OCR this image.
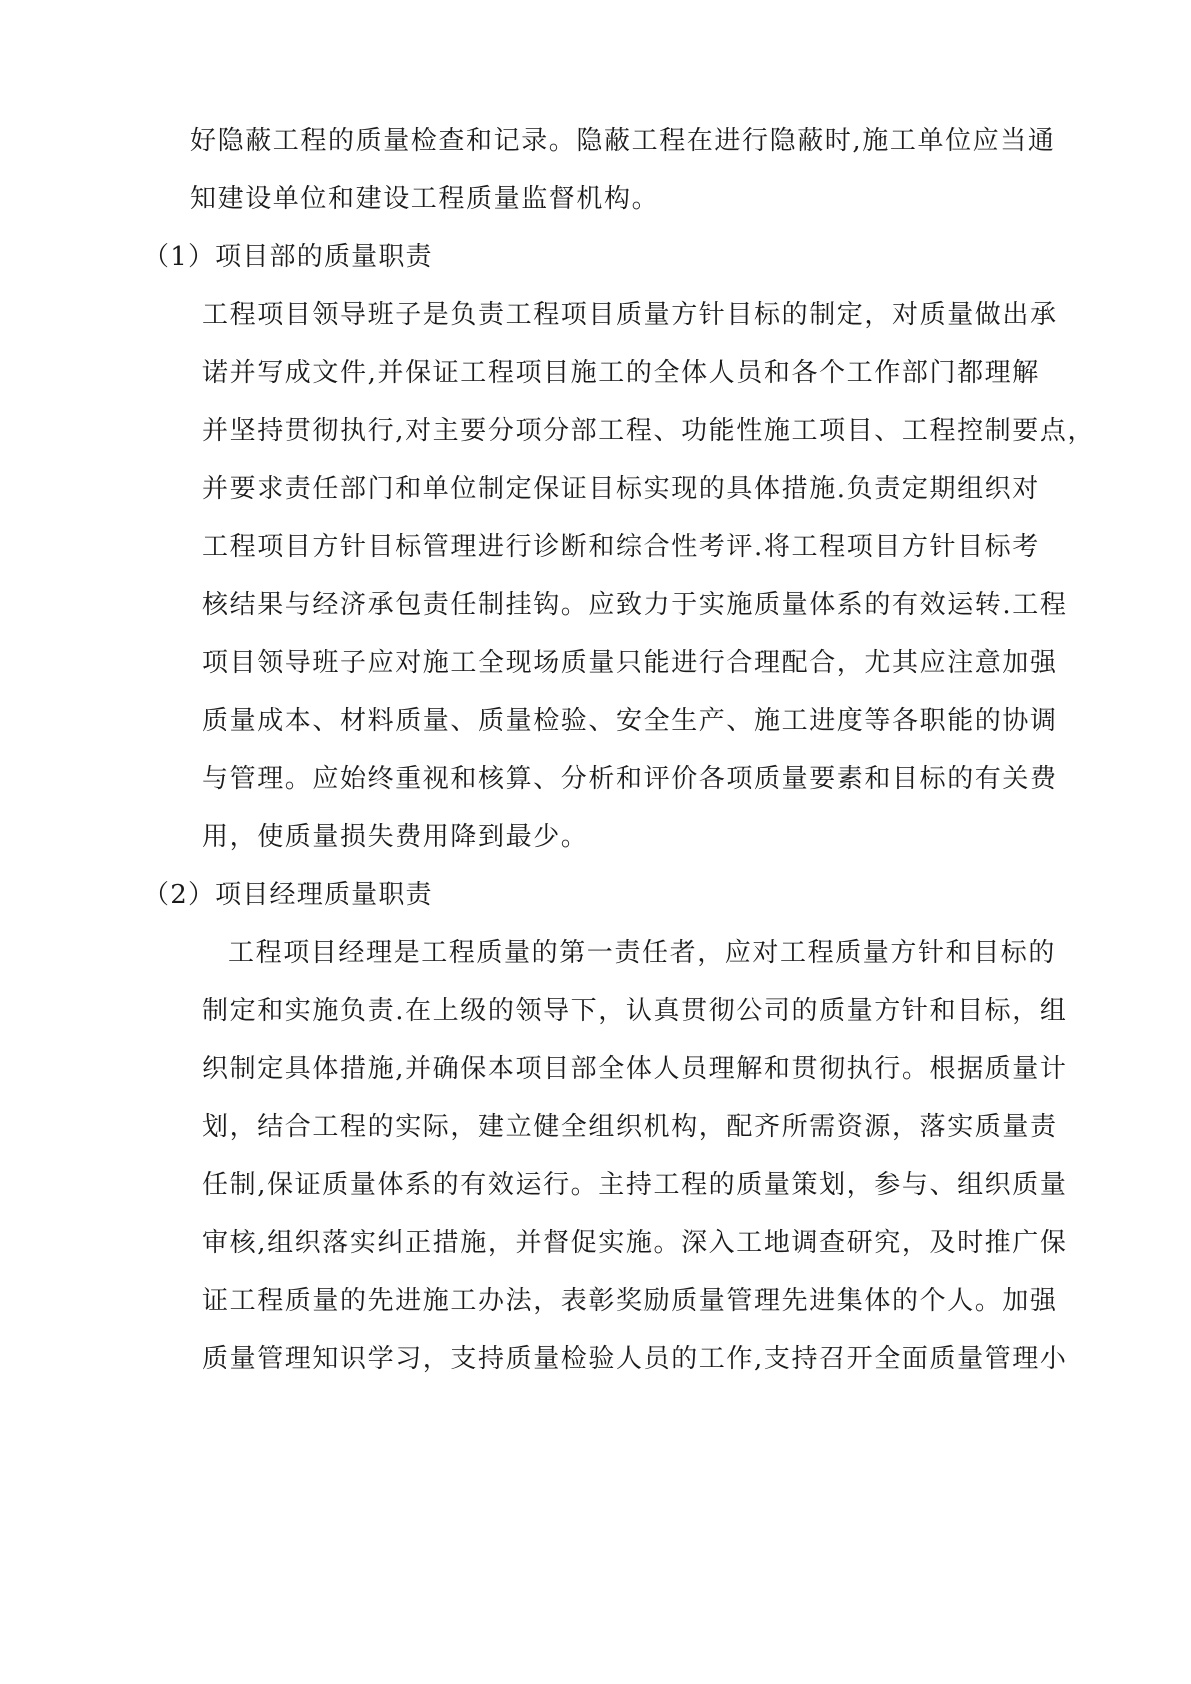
好隐蔽工程的质量检查和记录。隐蔽工程在进行隐蔽时,施工单位应当通
知建设单位和建设工程质量监督机构。
（1）项目部的质量职责
工程项目领导班子是负责工程项目质量方针目标的制定，对质量做出承
诺并写成文件,并保证工程项目施工的全体人员和各个工作部门都理解
并坚持贯彻执行,对主要分项分部工程、功能性施工项目、工程控制要点，
并要求责任部门和单位制定保证目标实现的具体措施.负责定期组织对
工程项目方针目标管理进行诊断和综合性考评.将工程项目方针目标考
核结果与经济承包责任制挂钩。应致力于实施质量体系的有效运转.工程
项目领导班子应对施工全现场质量只能进行合理配合，尤其应注意加强
质量成本、材料质量、质量检验、安全生产、施工进度等各职能的协调
与管理。应始终重视和核算、分析和评价各项质量要素和目标的有关费
用，使质量损失费用降到最少。
（2）项目经理质量职责
工程项目经理是工程质量的第一责任者，应对工程质量方针和目标的
制定和实施负责.在上级的领导下，认真贯彻公司的质量方针和目标，组
织制定具体措施,并确保本项目部全体人员理解和贯彻执行。根据质量计
划，结合工程的实际，建立健全组织机构，配齐所需资源，落实质量责
任制,保证质量体系的有效运行。主持工程的质量策划，参与、组织质量
审核,组织落实纠正措施，并督促实施。深入工地调查研究，及时推广保
证工程质量的先进施工办法，表彰奖励质量管理先进集体的个人。加强
质量管理知识学习，支持质量检验人员的工作,支持召开全面质量管理小
